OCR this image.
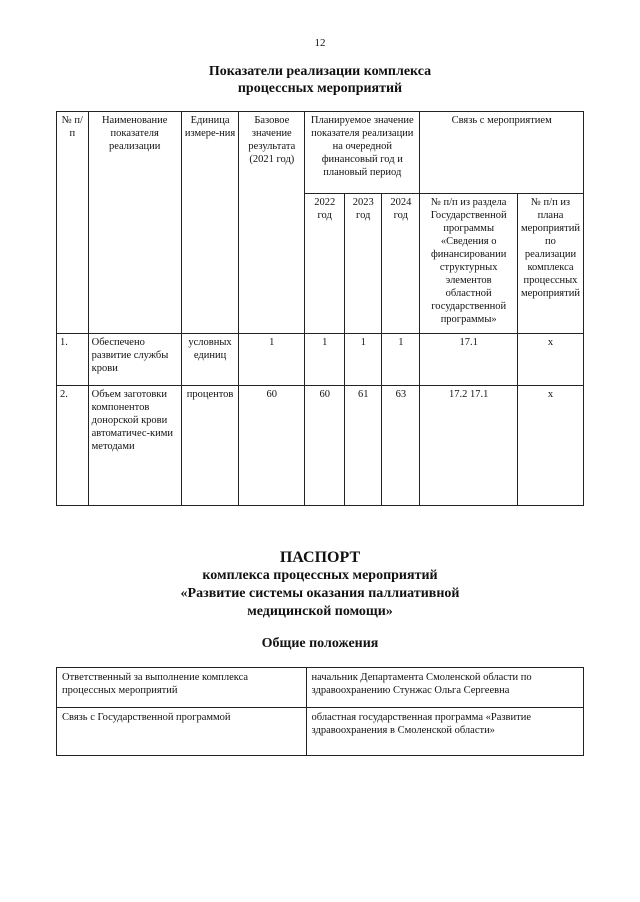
12
Показатели реализации комплекса
процессных мероприятий
№ п/п	Наименование показателя реализации	Единица измере-ния	Базовое значение результата (2021 год)	Планируемое значение показателя реализации на очередной финансовый год и плановый период			Связь с мероприятием	
				2022 год	2023 год	2024 год	№ п/п из раздела Государственной программы «Сведения о финансировании структурных элементов областной государственной программы»	№ п/п из плана мероприятий по реализации комплекса процессных мероприятий
1.	Обеспечено развитие службы крови	условных единиц	1	1	1	1	17.1	x
2.	Объем заготовки компонентов донорской крови автоматичес-кими методами	процентов	60	60	61	63	17.2 17.1	x
ПАСПОРТ
комплекса процессных мероприятий
«Развитие системы оказания паллиативной
медицинской помощи»
Общие положения
Ответственный за выполнение комплекса процессных мероприятий	начальник Департамента Смоленской области по здравоохранению Стунжас Ольга Сергеевна
Связь с Государственной программой	областная государственная программа «Развитие здравоохранения в Смоленской области»
